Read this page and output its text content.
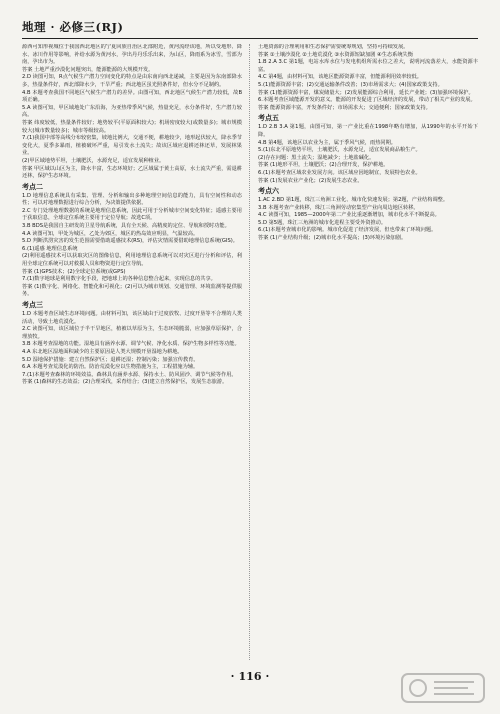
地理 · 必修三(RJ)
源西可知形视城位于我国西北地区的宁夏回族自治区北部附近，黄河流经该地，所以受地形、降水、冰川作用等影响，补给水源为黄河水，孕出丹丹乐乐出来，为山区，降雨系为冰雪，雪部为南，孕出市为。
答案 土地严重沙漠化问题突出，能源能源的大规模开发。
2.D 读图可知，R点气候生产潜力空间变化的特点是由东南向西北递减，主要是因为东南部降水多，热量条件好，西北部降水少，干旱严重；西北地区虽光照条件好，但水分不足制约。
4.B 本题考查我国不同地区气候生产潜力的差异。由图可知，西北地区气候生产潜力较低，故B项正确。
5.A 读图可知，甲区域地处广东沿海，为亚热带季风气候，热量充足，水分条件好，生产潜力较高。
答案 纬度较低，热量条件较好；地势较平(平原面积较大)；机场密度较大(或数量多)；城市规模较大(城市数量较多)；城市等级较高。
7.(1)我国中部等高线分布较密集，坡地比例大，交通不便，耕地较少，地形起伏较大，降水季节变化大，夏季多暴雨，植被破坏严重，易引发水土流失；故该区域应退耕还林还草，发展林果业。
(2)甲区域地势平坦，土壤肥沃，水源充足，适宜发展种植业。
答案 甲区域以山区为主，降水丰富，生态环境好；乙区域属于黄土高原，水土流失严重，需退耕还林，保护生态环境。
考点二
1.D 地理信息系统具有采集、管理、分析和输出多种地理空间信息的能力，具有空间性和动态性；可以对地理数据进行综合分析，为决策提供依据。
2.C 专门处理地理数据的系统是地理信息系统，因此可用于分析城市空间变化特征；遥感主要用于获取信息，全球定位系统主要用于定位导航；故选C项。
3.B BDS是我国自主研发的卫星导航系统，具有全天候、高精度的定位、导航和授时功能。
4.A 读图可知，甲处为城区，乙处为郊区，城区的热岛效应明显，气温较高。
5.D 判断洪涝灾害的发生范围需要借助遥感技术(RS)，评估灾情需要借助地理信息系统(GIS)。
6.(1)遥感 地理信息系统
(2)利用遥感技术可以获取灾区的图像信息，利用地理信息系统可以对灾区进行分析和评估，利用全球定位系统可以对救援人员和物资进行定位导航。
答案 (1)GPS技术；(2)全球定位系统(或GPS)
7.(1)数字地球是利用数字化手段，把地球上的各种信息整合起来，实现信息的共享。
答案 (1)数字化、网络化、智能化和可视化；(2)可以为城市规划、交通管理、环境监测等提供服务。
考点三
1.D 本题考查区域生态环境问题。由材料可知，该区域由于过度放牧、过度开垦等不合理的人类活动，导致土地荒漠化。
2.C 读图可知，该区域位于半干旱地区，植被以草原为主，生态环境脆弱，应加强草原保护，合理放牧。
3.B 本题考查湿地的功能。湿地具有涵养水源、调节气候、净化水质、保护生物多样性等功能。
4.A 东北地区湿地面积减少的主要原因是人类大规模开垦湿地为耕地。
5.D 湿地保护措施：建立自然保护区；退耕还湿；控制污染；加强宣传教育。
6.A 本题考查荒漠化的防治。防治荒漠化应以生物措施为主，工程措施为辅。
7.(1)本题考查森林的环境效益。森林具有涵养水源、保持水土、防风固沙、调节气候等作用。
答案 (1)森林的生态效益；(2)合理采伐，采育结合；(3)建立自然保护区，发展生态旅游。
土地资源的合理利用和生态保护需要统筹规划，坚持可持续发展。
答案 ①土壤沙漠化 ②土地荒漠化 ③水资源短缺加剧 ④生态系统失衡
1.B 2.A 3.C 第1题，电站水库水位与发电机组所需水位之差大，说明河流落差大，水能资源丰富。
4.C 第4题，由材料可知，该地区能源资源丰富，但能源利用效率较低。
5.(1)能源资源丰富；(2)交通运输条件改善；(3)市场需求大；(4)国家政策支持。
答案 (1)能源资源丰富，煤炭储量大；(2)发展能源综合利用，延长产业链；(3)加强环境保护。
6.本题考查区域能源开发的意义。能源的开发促进了区域经济的发展，带动了相关产业的发展。
答案 能源资源丰富，开发条件好；市场需求大；交通便利；国家政策支持。
考点五
1.D 2.B 3.A 第1题，由图可知，第一产业比重在1998年略有增加，从1990年的水平开始下降。
4.B 第4题，该地区以农业为主，属于季风气候，雨热同期。
5.(1)东北平原地势平坦，土壤肥沃，水源充足，适宜发展商品粮生产。
(2)存在问题：黑土流失；湿地减少；土地盐碱化。
答案 (1)地形平坦，土壤肥沃；(2)合理开发，保护耕地。
6.(1)本题考查区域农业发展方向。该区域应因地制宜，发展特色农业。
答案 (1)发展农业产业化；(2)发展生态农业。
考点六
1.AC 2.BD 第1题，珠江三角洲工业化、城市化快速发展；第2题，产业结构调整。
3.B 本题考查产业转移，珠江三角洲劳动密集型产业向周边地区转移。
4.C 读图可知，1985—2000年第二产业比重逐渐增加，城市化水平不断提高。
5.D 第5题，珠江三角洲的城市化进程主要受外资推动。
6.(1)本题考查城市化的影响。城市化促进了经济发展，但也带来了环境问题。
答案 (1)产业结构升级；(2)城市化水平提高；(3)环境污染加剧。
· 116 ·
